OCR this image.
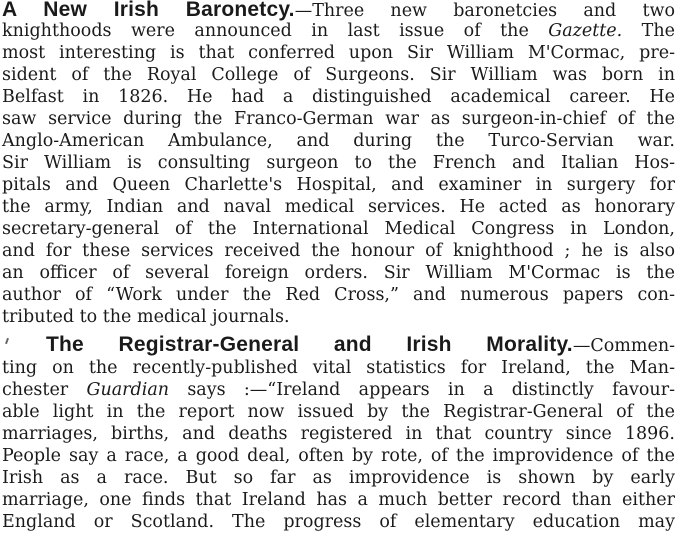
A New Irish Baronetcy.—Three new baronetcies and two
knighthoods were announced in last issue of the Gazette. The
most interesting is that conferred upon Sir William M'Cormac, pre-
sident of the Royal College of Surgeons. Sir William was born in
Belfast in 1826. He had a distinguished academical career. He
saw service during the Franco-German war as surgeon-in-chief of the
Anglo-American Ambulance, and during the Turco-Servian war.
Sir William is consulting surgeon to the French and Italian Hos-
pitals and Queen Charlette's Hospital, and examiner in surgery for
the army, Indian and naval medical services. He acted as honorary
secretary-general of the International Medical Congress in London,
and for these services received the honour of knighthood ; he is also
an officer of several foreign orders. Sir William M'Cormac is the
author of “Work under the Red Cross,” and numerous papers con-
tributed to the medical journals.
The Registrar-General and Irish Morality.—Commen-
ting on the recently-published vital statistics for Ireland, the Man-
chester Guardian says :—“Ireland appears in a distinctly favour-
able light in the report now issued by the Registrar-General of the
marriages, births, and deaths registered in that country since 1896.
People say a race, a good deal, often by rote, of the improvidence of the
Irish as a race. But so far as improvidence is shown by early
marriage, one finds that Ireland has a much better record than either
England or Scotland. The progress of elementary education may
